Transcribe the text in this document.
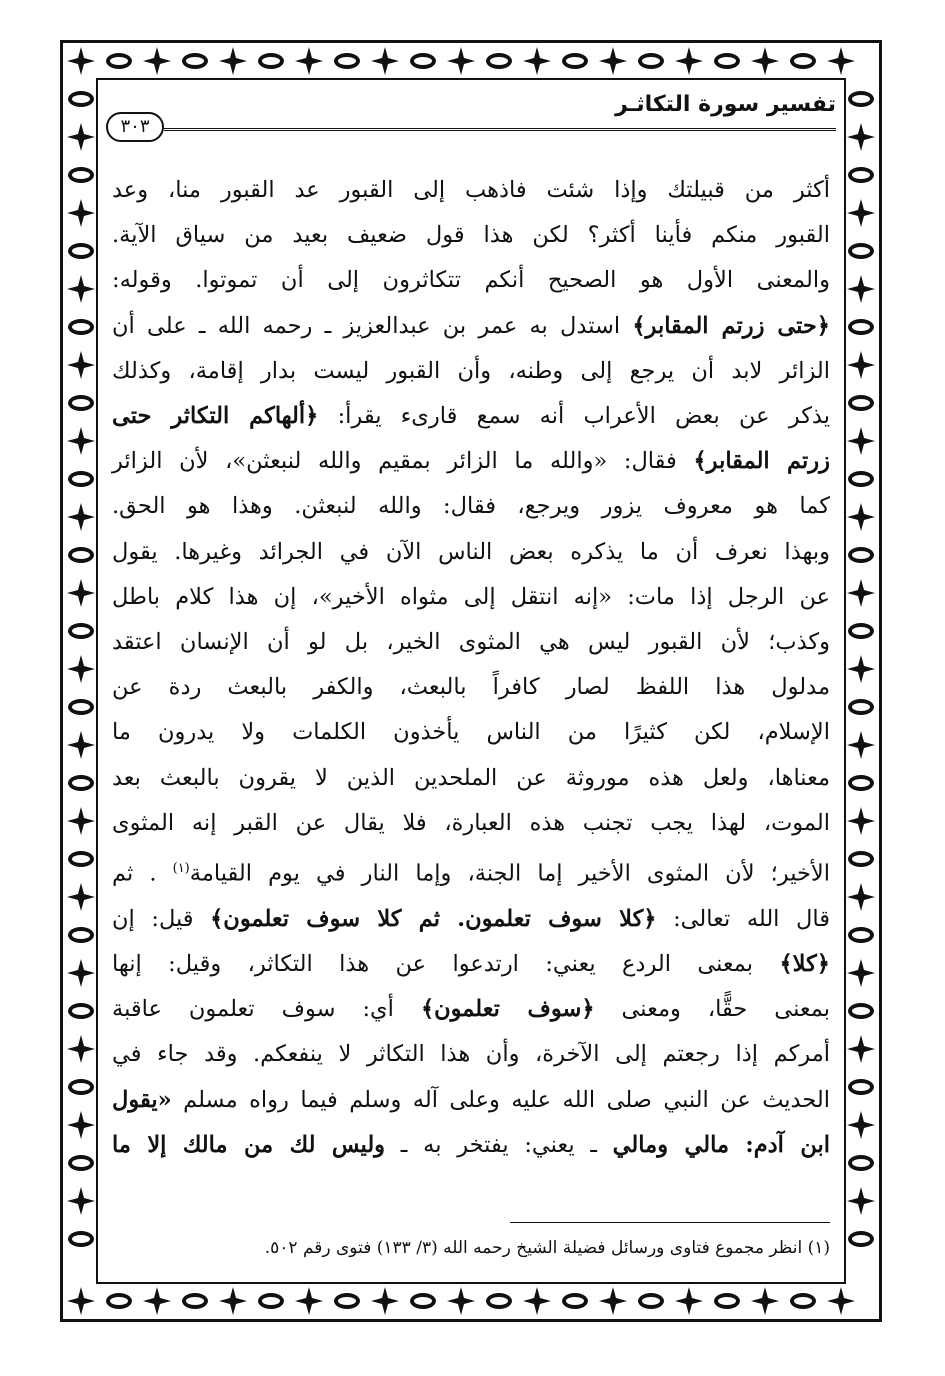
تفسير سورة التكاثـر
٣٠٣

أكثر من قبيلتك وإذا شئت فاذهب إلى القبور عد القبور منا، وعد

القبور منكم فأينا أكثر؟ لكن هذا قول ضعيف بعيد من سياق الآية.

والمعنى الأول هو الصحيح أنكم تتكاثرون إلى أن تموتوا. وقوله:

﴿حتى زرتم المقابر﴾ استدل به عمر بن عبدالعزيز ـ رحمه الله ـ على أن

الزائر لابد أن يرجع إلى وطنه، وأن القبور ليست بدار إقامة، وكذلك

يذكر عن بعض الأعراب أنه سمع قارىء يقرأ: ﴿ألهاكم التكاثر حتى

زرتم المقابر﴾ فقال: «والله ما الزائر بمقيم والله لنبعثن»، لأن الزائر

كما هو معروف يزور ويرجع، فقال: والله لنبعثن. وهذا هو الحق.

وبهذا نعرف أن ما يذكره بعض الناس الآن في الجرائد وغيرها. يقول

عن الرجل إذا مات: «إنه انتقل إلى مثواه الأخير»، إن هذا كلام باطل

وكذب؛ لأن القبور ليس هي المثوى الخير، بل لو أن الإنسان اعتقد

مدلول هذا اللفظ لصار كافراً بالبعث، والكفر بالبعث ردة عن

الإسلام، لكن كثيرًا من الناس يأخذون الكلمات ولا يدرون ما

معناها، ولعل هذه موروثة عن الملحدين الذين لا يقرون بالبعث بعد

الموت، لهذا يجب تجنب هذه العبارة، فلا يقال عن القبر إنه المثوى

الأخير؛ لأن المثوى الأخير إما الجنة، وإما النار في يوم القيامة$^{(١)}$ . ثم

قال الله تعالى: ﴿كلا سوف تعلمون. ثم كلا سوف تعلمون﴾ قيل: إن

﴿كلا﴾ بمعنى الردع يعني: ارتدعوا عن هذا التكاثر، وقيل: إنها

بمعنى حقًّا، ومعنى ﴿سوف تعلمون﴾ أي: سوف تعلمون عاقبة

أمركم إذا رجعتم إلى الآخرة، وأن هذا التكاثر لا ينفعكم. وقد جاء في

الحديث عن النبي صلى الله عليه وعلى آله وسلم فيما رواه مسلم «يقول

ابن آدم: مالي ومالي ـ يعني: يفتخر به ـ وليس لك من مالك إلا ما

(١) انظر مجموع فتاوى ورسائل فضيلة الشيخ رحمه الله (٣/ ١٣٣) فتوى رقم ٥٠٢.
